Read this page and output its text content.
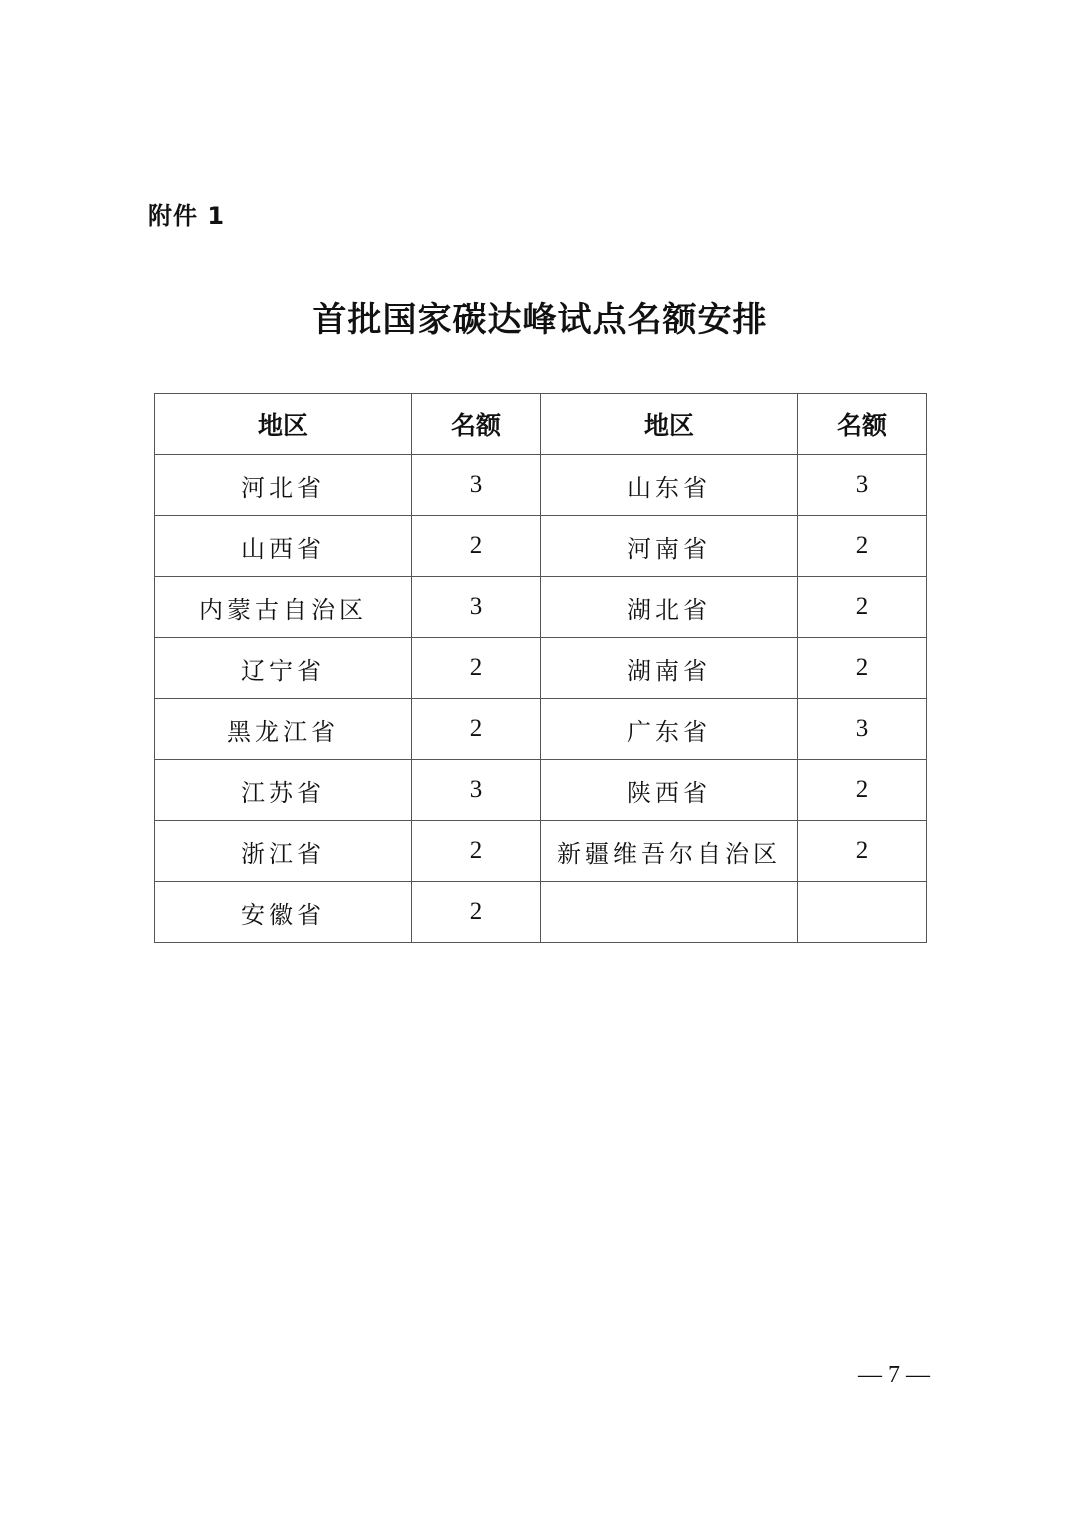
附件 1
首批国家碳达峰试点名额安排
地区	名额	地区	名额
河北省	3	山东省	3
山西省	2	河南省	2
内蒙古自治区	3	湖北省	2
辽宁省	2	湖南省	2
黑龙江省	2	广东省	3
江苏省	3	陕西省	2
浙江省	2	新疆维吾尔自治区	2
安徽省	2		
— 7 —
